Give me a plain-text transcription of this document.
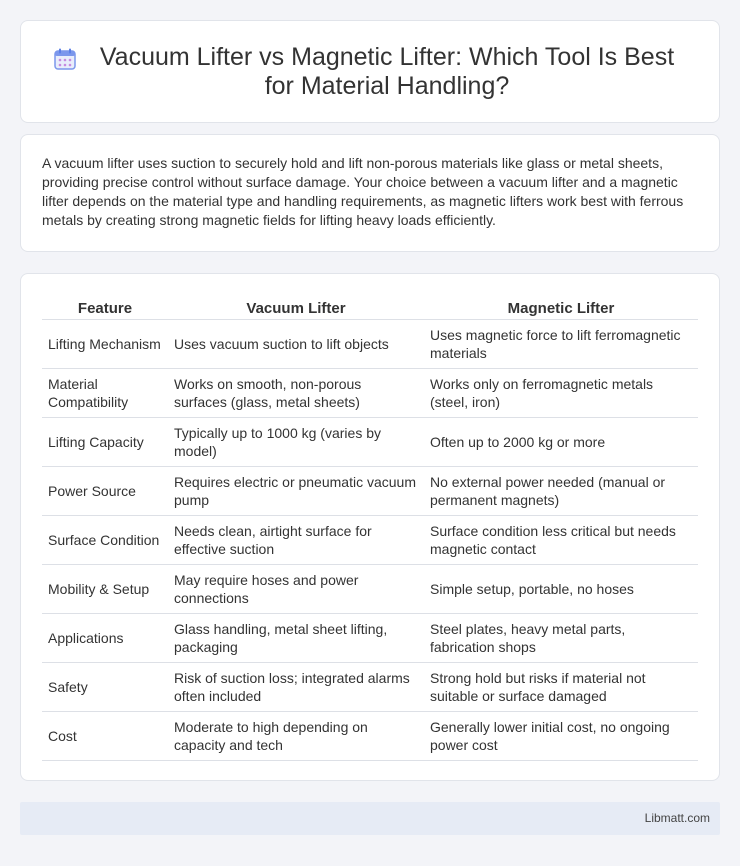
Vacuum Lifter vs Magnetic Lifter: Which Tool Is Best for Material Handling?

A vacuum lifter uses suction to securely hold and lift non-porous materials like glass or metal sheets, providing precise control without surface damage. Your choice between a vacuum lifter and a magnetic lifter depends on the material type and handling requirements, as magnetic lifters work best with ferrous metals by creating strong magnetic fields for lifting heavy loads efficiently.

Feature	Vacuum Lifter	Magnetic Lifter
Lifting Mechanism	Uses vacuum suction to lift objects	Uses magnetic force to lift ferromagnetic materials
Material Compatibility	Works on smooth, non-porous surfaces (glass, metal sheets)	Works only on ferromagnetic metals (steel, iron)
Lifting Capacity	Typically up to 1000 kg (varies by model)	Often up to 2000 kg or more
Power Source	Requires electric or pneumatic vacuum pump	No external power needed (manual or permanent magnets)
Surface Condition	Needs clean, airtight surface for effective suction	Surface condition less critical but needs magnetic contact
Mobility & Setup	May require hoses and power connections	Simple setup, portable, no hoses
Applications	Glass handling, metal sheet lifting, packaging	Steel plates, heavy metal parts, fabrication shops
Safety	Risk of suction loss; integrated alarms often included	Strong hold but risks if material not suitable or surface damaged
Cost	Moderate to high depending on capacity and tech	Generally lower initial cost, no ongoing power cost
Libmatt.com
